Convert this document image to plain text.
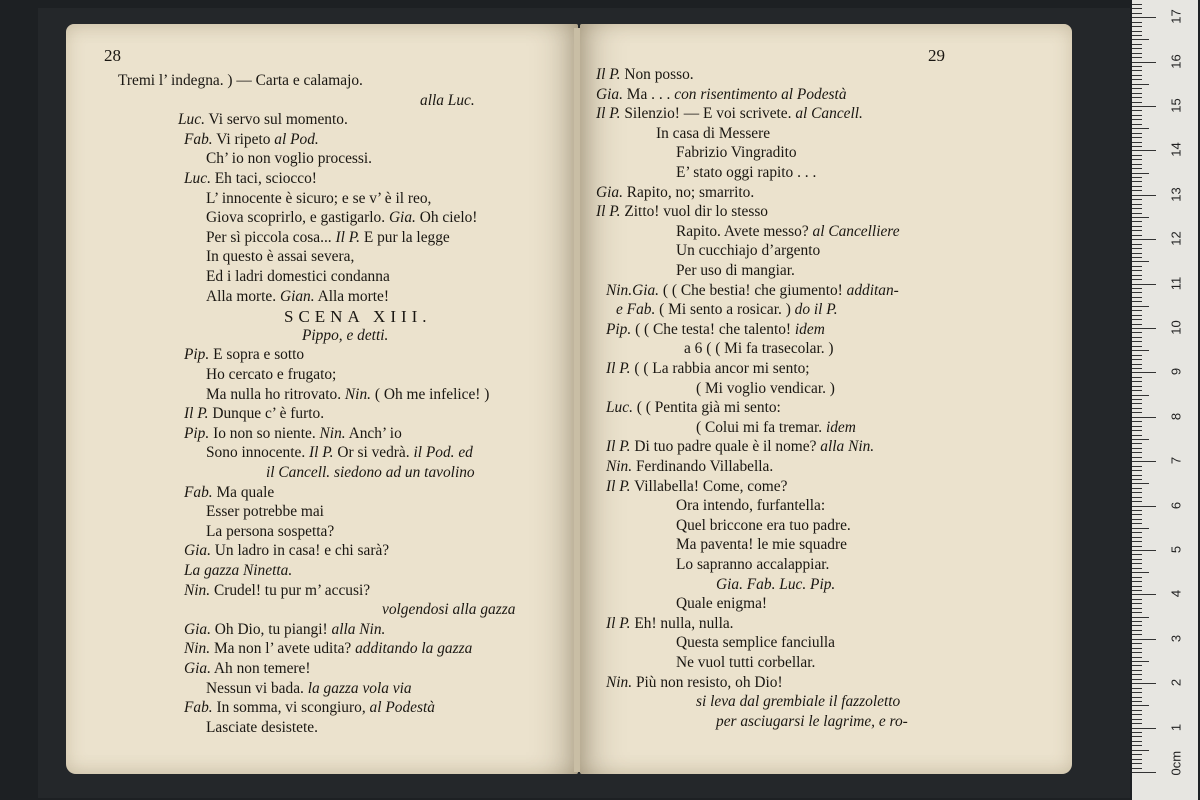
28
Tremi l’ indegna. ) — Carta e calamajo.
alla Luc.
Luc. Vi servo sul momento.
Fab. Vi ripeto al Pod.
Ch’ io non voglio processi.
Luc. Eh taci, sciocco!
L’ innocente è sicuro; e se v’ è il reo,
Giova scoprirlo, e gastigarlo. Gia. Oh cielo!
Per sì piccola cosa... Il P. E pur la legge
In questo è assai severa,
Ed i ladri domestici condanna
Alla morte. Gian. Alla morte!
SCENA XIII.
Pippo, e detti.
Pip. E sopra e sotto
Ho cercato e frugato;
Ma nulla ho ritrovato. Nin. ( Oh me infelice! )
Il P. Dunque c’ è furto.
Pip. Io non so niente. Nin. Anch’ io
Sono innocente. Il P. Or si vedrà. il Pod. ed
il Cancell. siedono ad un tavolino
Fab. Ma quale
Esser potrebbe mai
La persona sospetta?
Gia. Un ladro in casa! e chi sarà?
La gazza Ninetta.
Nin. Crudel! tu pur m’ accusi?
volgendosi alla gazza
Gia. Oh Dio, tu piangi! alla Nin.
Nin. Ma non l’ avete udita? additando la gazza
Gia. Ah non temere!
Nessun vi bada. la gazza vola via
Fab. In somma, vi scongiuro, al Podestà
Lasciate desistete.
29
Il P. Non posso.
Gia. Ma . . . con risentimento al Podestà
Il P. Silenzio! — E voi scrivete. al Cancell.
In casa di Messere
Fabrizio Vingradito
E’ stato oggi rapito . . .
Gia. Rapito, no; smarrito.
Il P. Zitto! vuol dir lo stesso
Rapito. Avete messo? al Cancelliere
Un cucchiajo d’argento
Per uso di mangiar.
Nin.Gia. ( ( Che bestia! che giumento! additan-
e Fab. ( Mi sento a rosicar. ) do il P.
Pip. ( ( Che testa! che talento! idem
a 6 ( ( Mi fa trasecolar. )
Il P. ( ( La rabbia ancor mi sento;
( Mi voglio vendicar. )
Luc. ( ( Pentita già mi sento:
( Colui mi fa tremar. idem
Il P. Di tuo padre quale è il nome? alla Nin.
Nin. Ferdinando Villabella.
Il P. Villabella! Come, come?
Ora intendo, furfantella:
Quel briccone era tuo padre.
Ma paventa! le mie squadre
Lo sapranno accalappiar.
Gia. Fab. Luc. Pip.
Quale enigma!
Il P. Eh! nulla, nulla.
Questa semplice fanciulla
Ne vuol tutti corbellar.
Nin. Più non resisto, oh Dio!
si leva dal grembiale il fazzoletto
per asciugarsi le lagrime, e ro-
0cm
1
2
3
4
5
6
7
8
9
10
11
12
13
14
15
16
17
